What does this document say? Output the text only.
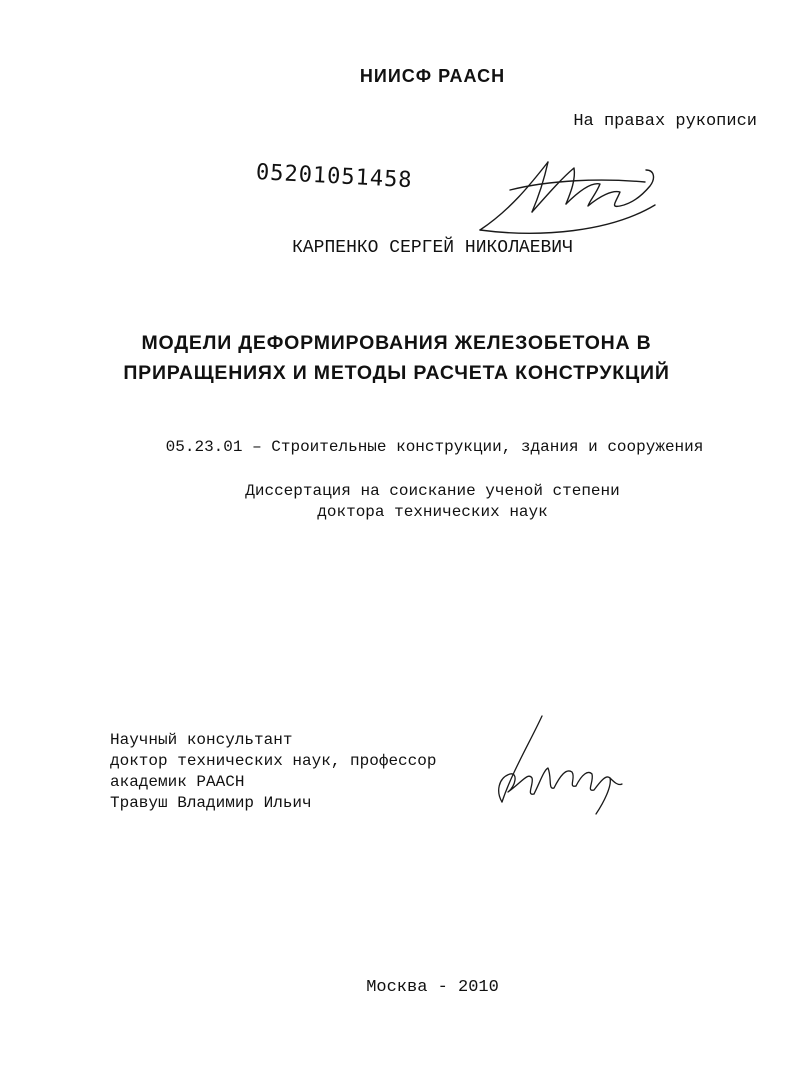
НИИСФ РААСН
На правах рукописи
05201051458
КАРПЕНКО СЕРГЕЙ НИКОЛАЕВИЧ
МОДЕЛИ ДЕФОРМИРОВАНИЯ ЖЕЛЕЗОБЕТОНА В
ПРИРАЩЕНИЯХ И МЕТОДЫ РАСЧЕТА КОНСТРУКЦИЙ
05.23.01 – Строительные конструкции, здания и сооружения
Диссертация на соискание ученой степени
доктора технических наук
Научный консультант
доктор технических наук, профессор
академик РААСН
Травуш Владимир Ильич
Москва - 2010
